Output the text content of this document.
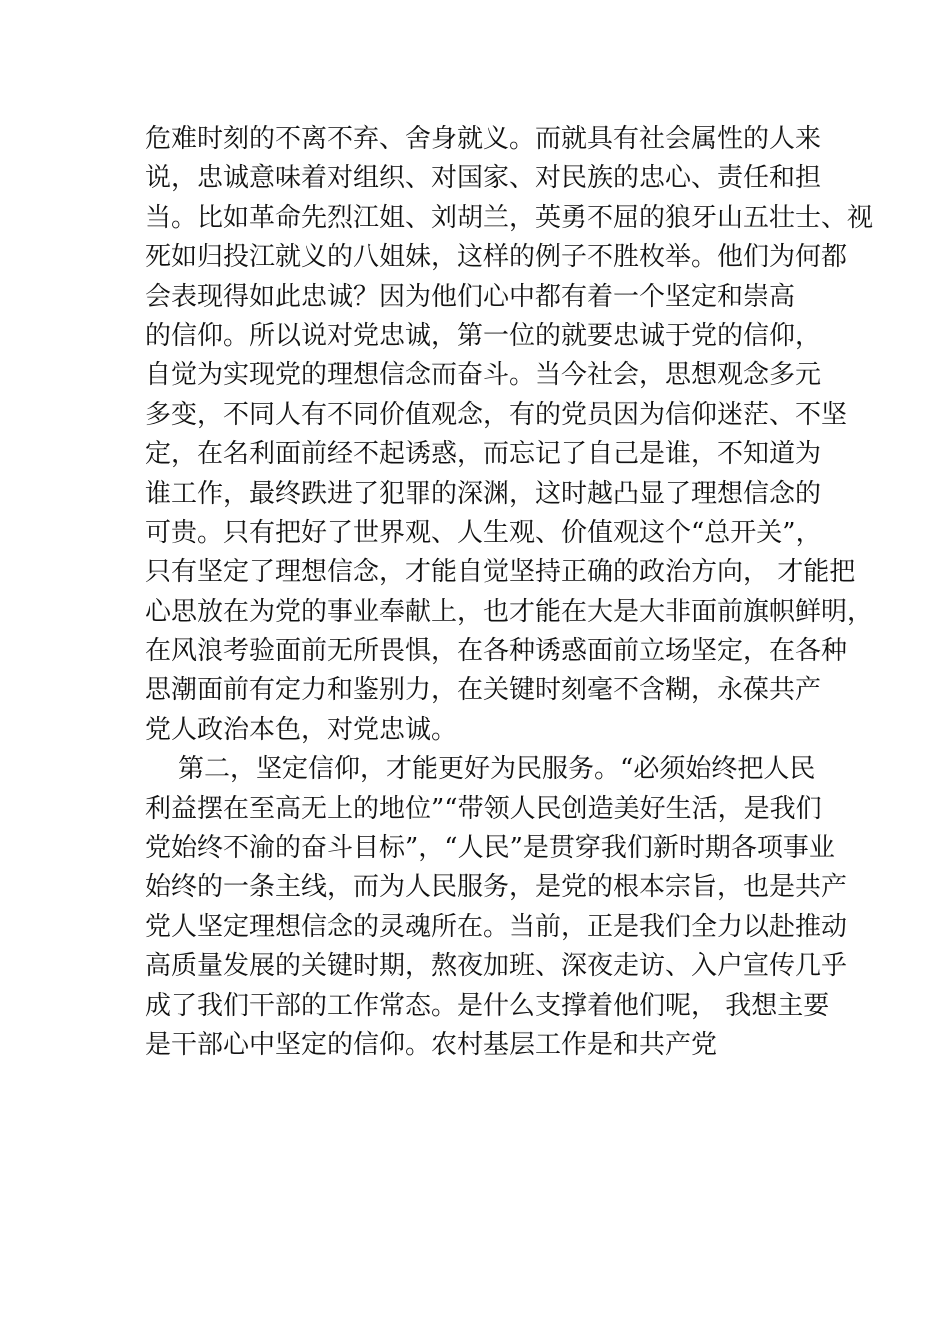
危难时刻的不离不弃、舍身就义。而就具有社会属性的人来
说，忠诚意味着对组织、对国家、对民族的忠心、责任和担
当。比如革命先烈江姐、刘胡兰，英勇不屈的狼牙山五壮士、视
死如归投江就义的八姐妹，这样的例子不胜枚举。他们为何都
会表现得如此忠诚？因为他们心中都有着一个坚定和崇高
的信仰。所以说对党忠诚，第一位的就要忠诚于党的信仰，
自觉为实现党的理想信念而奋斗。当今社会，思想观念多元
多变，不同人有不同价值观念，有的党员因为信仰迷茫、不坚
定，在名利面前经不起诱惑，而忘记了自己是谁，不知道为
谁工作，最终跌进了犯罪的深渊，这时越凸显了理想信念的
可贵。只有把好了世界观、人生观、价值观这个“总开关”，
只有坚定了理想信念，才能自觉坚持正确的政治方向， 才能把
心思放在为党的事业奉献上，也才能在大是大非面前旗帜鲜明，
在风浪考验面前无所畏惧，在各种诱惑面前立场坚定，在各种
思潮面前有定力和鉴别力，在关键时刻毫不含糊，永葆共产
党人政治本色，对党忠诚。
第二，坚定信仰，才能更好为民服务。“必须始终把人民
利益摆在至高无上的地位”“带领人民创造美好生活，是我们
党始终不渝的奋斗目标”，“人民”是贯穿我们新时期各项事业
始终的一条主线，而为人民服务，是党的根本宗旨，也是共产
党人坚定理想信念的灵魂所在。当前，正是我们全力以赴推动
高质量发展的关键时期，熬夜加班、深夜走访、入户宣传几乎
成了我们干部的工作常态。是什么支撑着他们呢， 我想主要
是干部心中坚定的信仰。农村基层工作是和共产党
